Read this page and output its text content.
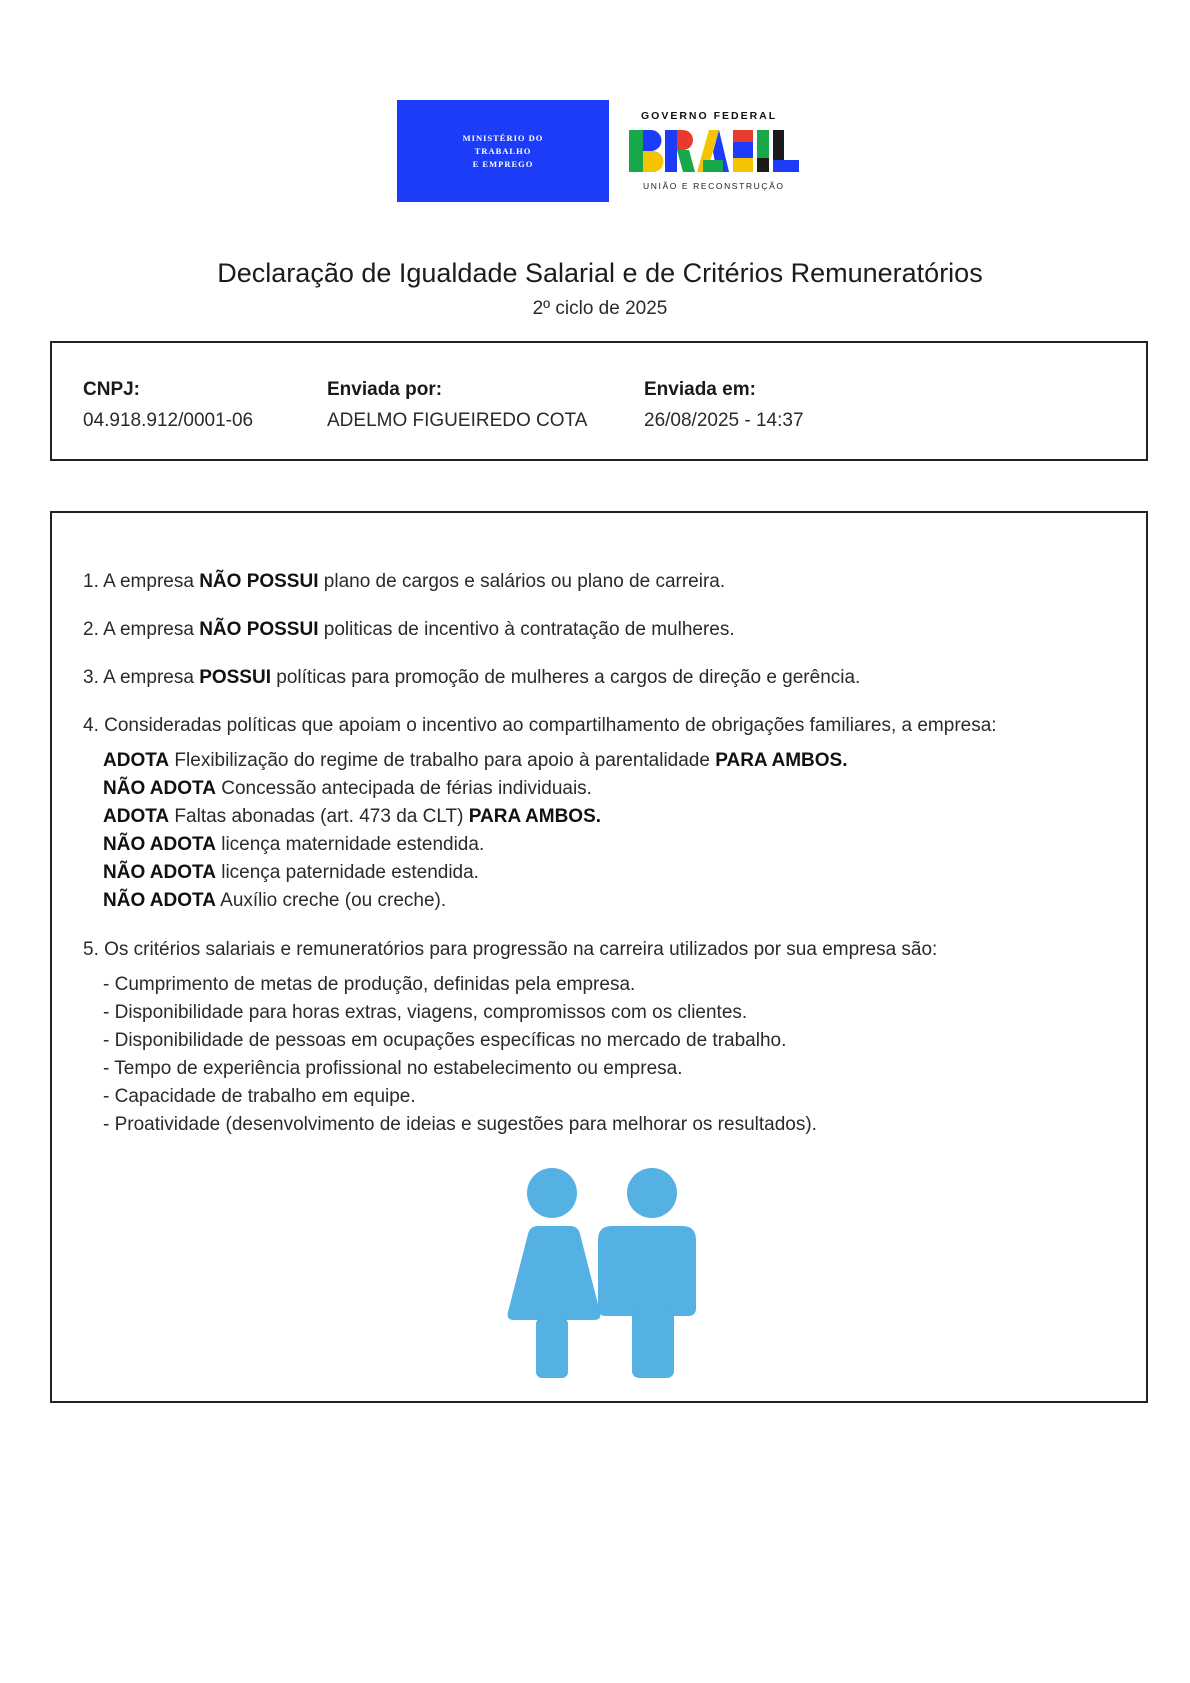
MINISTÉRIO DO
TRABALHO
E EMPREGO
GOVERNO FEDERAL
UNIÃO E RECONSTRUÇÃO
Declaração de Igualdade Salarial e de Critérios Remuneratórios
2º ciclo de 2025
CNPJ:
04.918.912/0001-06
Enviada por:
ADELMO FIGUEIREDO COTA
Enviada em:
26/08/2025 - 14:37
1. A empresa NÃO POSSUI plano de cargos e salários ou plano de carreira.
2. A empresa NÃO POSSUI politicas de incentivo à contratação de mulheres.
3. A empresa POSSUI políticas para promoção de mulheres a cargos de direção e gerência.
4. Consideradas políticas que apoiam o incentivo ao compartilhamento de obrigações familiares, a empresa:
ADOTA Flexibilização do regime de trabalho para apoio à parentalidade PARA AMBOS.
NÃO ADOTA Concessão antecipada de férias individuais.
ADOTA Faltas abonadas (art. 473 da CLT) PARA AMBOS.
NÃO ADOTA licença maternidade estendida.
NÃO ADOTA licença paternidade estendida.
NÃO ADOTA Auxílio creche (ou creche).
5. Os critérios salariais e remuneratórios para progressão na carreira utilizados por sua empresa são:
- Cumprimento de metas de produção, definidas pela empresa.
- Disponibilidade para horas extras, viagens, compromissos com os clientes.
- Disponibilidade de pessoas em ocupações específicas no mercado de trabalho.
- Tempo de experiência profissional no estabelecimento ou empresa.
- Capacidade de trabalho em equipe.
- Proatividade (desenvolvimento de ideias e sugestões para melhorar os resultados).
